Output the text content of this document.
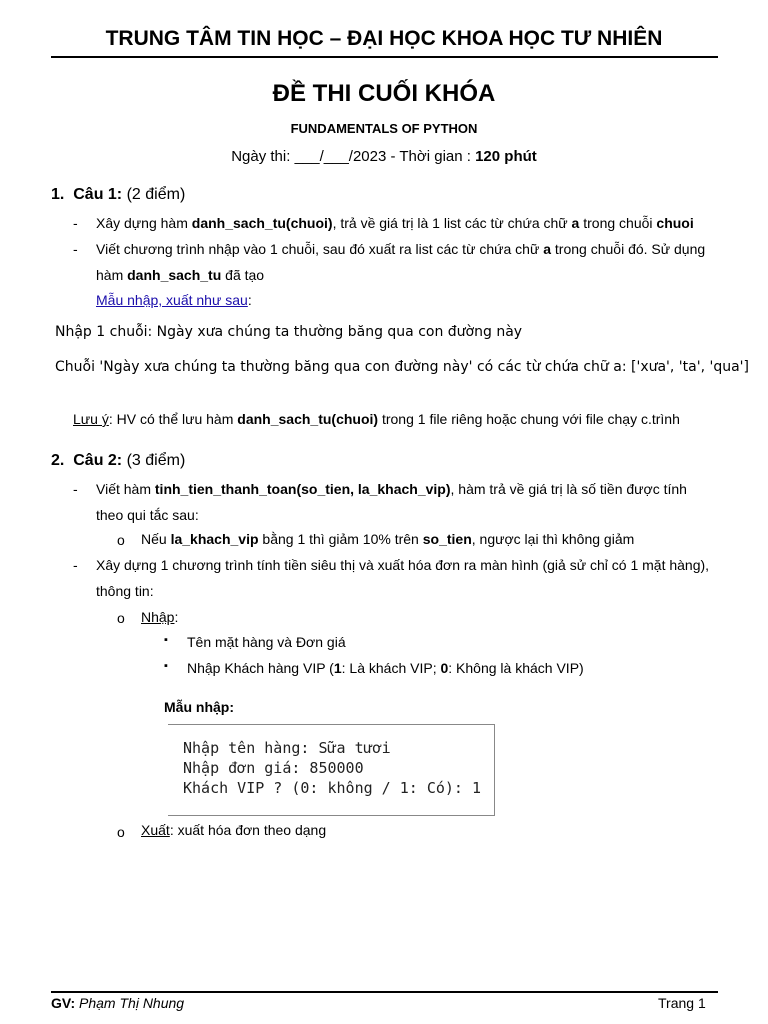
TRUNG TÂM TIN HỌC – ĐẠI HỌC KHOA HỌC TƯ NHIÊN
ĐỀ THI CUỐI KHÓA
FUNDAMENTALS OF PYTHON
Ngày thi: ___/___/2023 - Thời gian : 120 phút
1. Câu 1: (2 điểm)
- Xây dựng hàm danh_sach_tu(chuoi), trả về giá trị là 1 list các từ chứa chữ a trong chuỗi chuoi
- Viết chương trình nhập vào 1 chuỗi, sau đó xuất ra list các từ chứa chữ a trong chuỗi đó. Sử dụng
hàm danh_sach_tu đã tạo
Mẫu nhập, xuất như sau:
Nhập 1 chuỗi: Ngày xưa chúng ta thường băng qua con đường này
Chuỗi 'Ngày xưa chúng ta thường băng qua con đường này' có các từ chứa chữ a: ['xưa', 'ta', 'qua']
Lưu ý: HV có thể lưu hàm danh_sach_tu(chuoi) trong 1 file riêng hoặc chung với file chạy c.trình
2. Câu 2: (3 điểm)
- Viết hàm tinh_tien_thanh_toan(so_tien, la_khach_vip), hàm trả về giá trị là số tiền được tính
theo qui tắc sau:
o Nếu la_khach_vip bằng 1 thì giảm 10% trên so_tien, ngược lại thì không giảm
- Xây dựng 1 chương trình tính tiền siêu thị và xuất hóa đơn ra màn hình (giả sử chỉ có 1 mặt hàng),
thông tin:
o Nhập:
▪ Tên mặt hàng và Đơn giá
▪ Nhập Khách hàng VIP (1: Là khách VIP; 0: Không là khách VIP)
Mẫu nhập:
Nhập tên hàng: Sữa tươi
Nhập đơn giá: 850000
Khách VIP ? (0: không / 1: Có): 1
o Xuất: xuất hóa đơn theo dạng
GV: Phạm Thị Nhung	Trang 1
